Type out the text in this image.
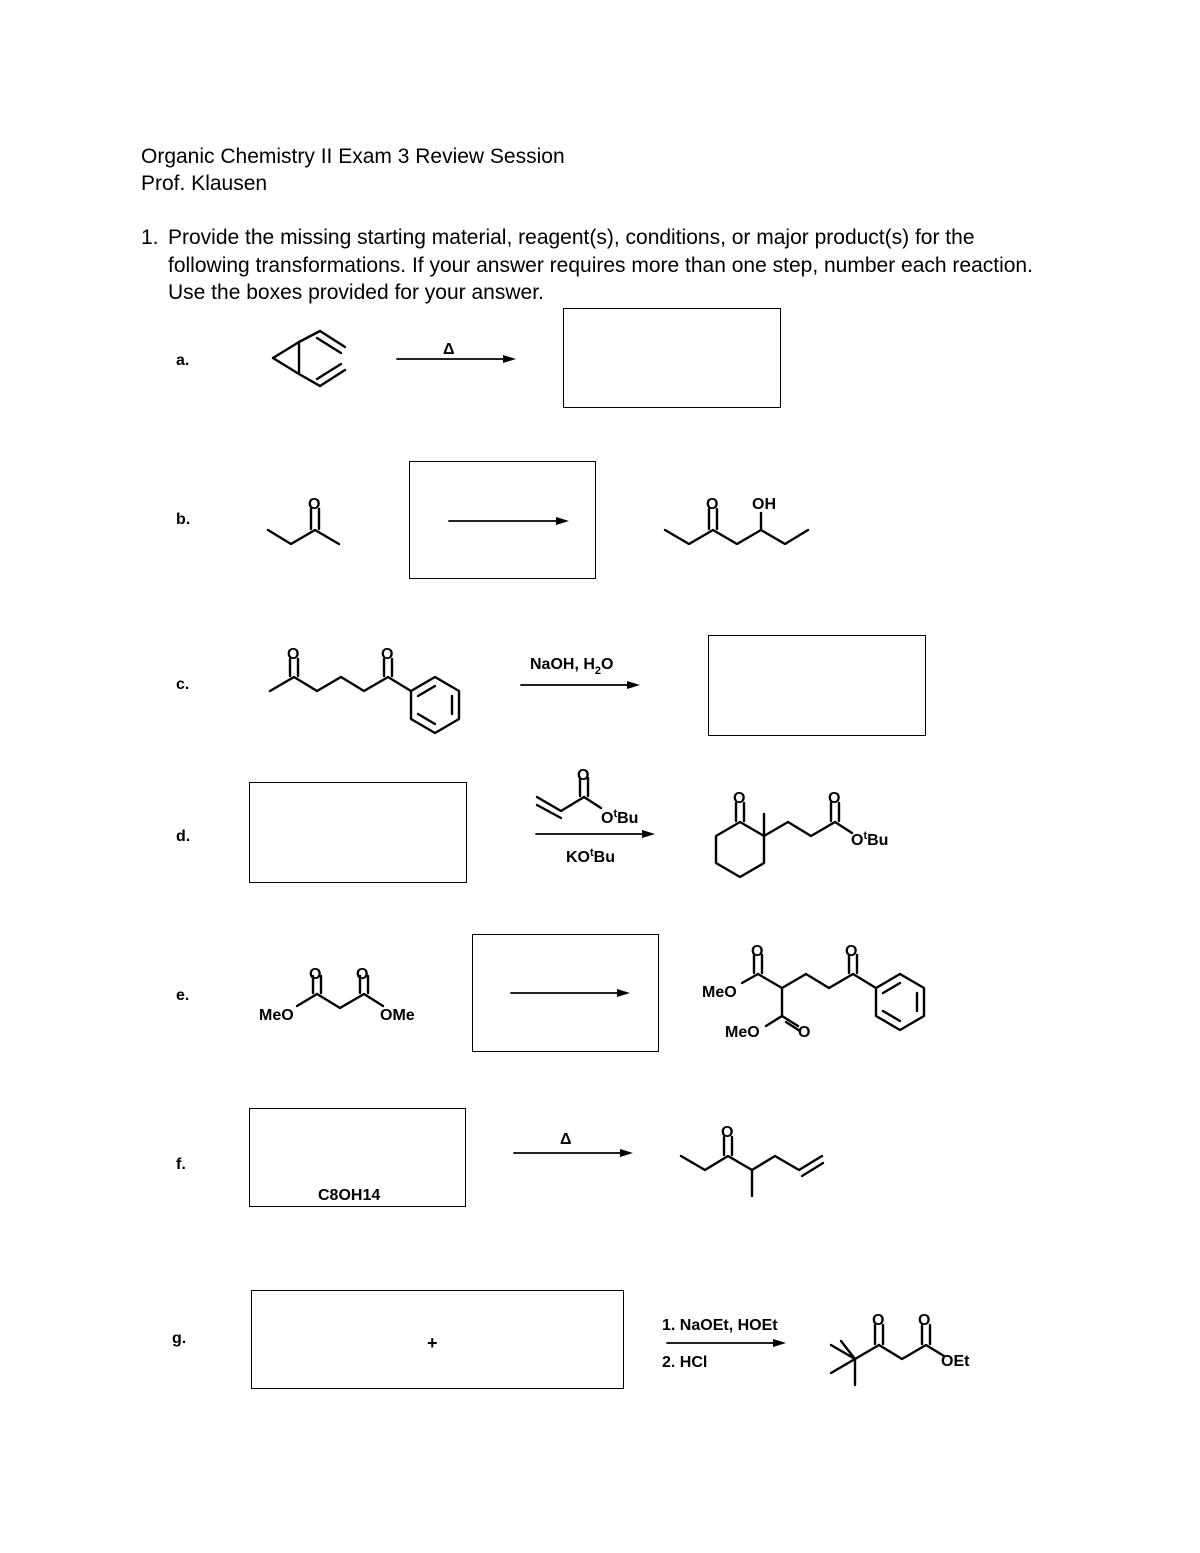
Organic Chemistry II Exam 3 Review Session
Prof. Klausen
1. Provide the missing starting material, reagent(s), conditions, or major product(s) for the following transformations. If your answer requires more than one step, number each reaction. Use the boxes provided for your answer.
a.
b.
c.
d.
e.
f.
g.
Δ
O	O OH
O	O
NaOH, $H_2O$
O
$O^tBu$
$KO^tBu$
O	O
$O^tBu$
O O
MeO	OMe
O	O
MeO
MeO O
Δ	O
O O
OEt
C8OH14
+
1. NaOEt, HOEt
2. HCl
